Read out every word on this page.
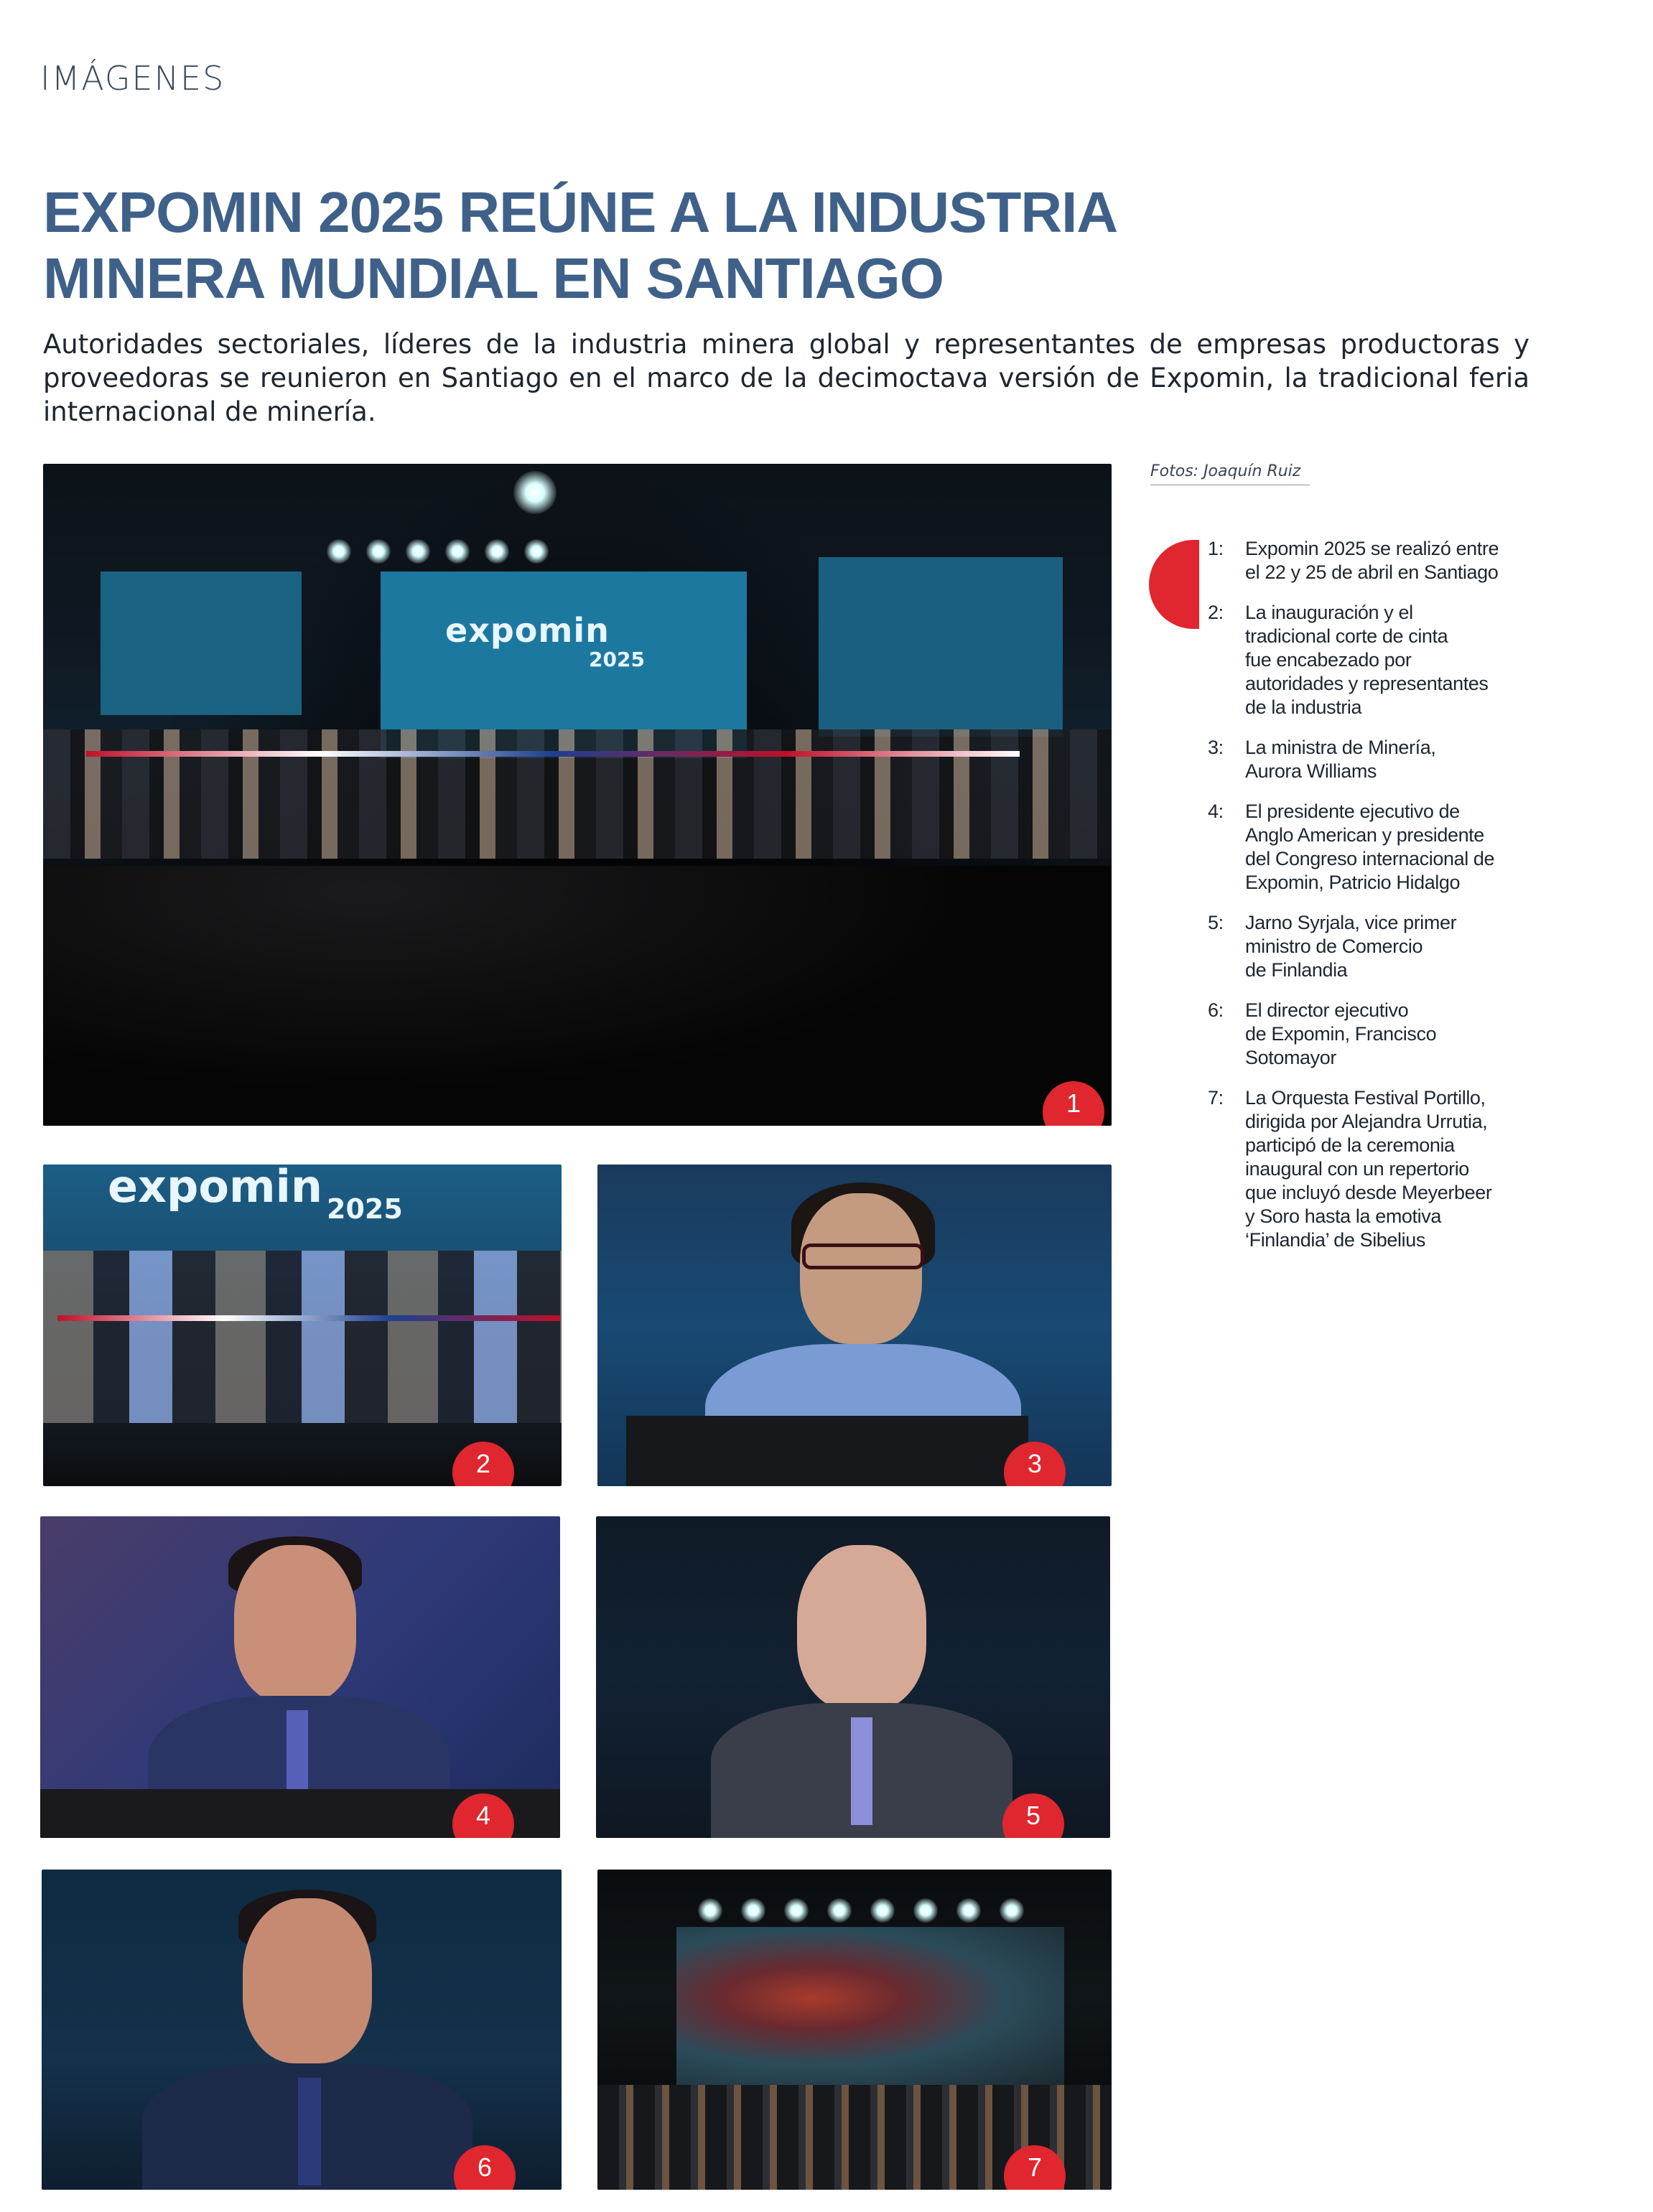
IMÁGENES
EXPOMIN 2025 REÚNE A LA INDUSTRIA
MINERA MUNDIAL EN SANTIAGO

Autoridades sectoriales, líderes de la industria minera global y representantes de empresas productoras y proveedoras se reunieron en Santiago en el marco de la decimoctava versión de Expomin, la tradicional feria internacional de minería.

expomin
2025
1
expomin 2025
2	3
4	5
6	7
Fotos: Joaquín Ruiz
1:	Expomin 2025 se realizó entre
el 22 y 25 de abril en Santiago
2:	La inauguración y el
tradicional corte de cinta
fue encabezado por
autoridades y representantes
de la industria
3:	La ministra de Minería,
Aurora Williams
4:	El presidente ejecutivo de
Anglo American y presidente
del Congreso internacional de
Expomin, Patricio Hidalgo
5:	Jarno Syrjala, vice primer
ministro de Comercio
de Finlandia
6:	El director ejecutivo
de Expomin, Francisco
Sotomayor
7:	La Orquesta Festival Portillo,
dirigida por Alejandra Urrutia,
participó de la ceremonia
inaugural con un repertorio
que incluyó desde Meyerbeer
y Soro hasta la emotiva
‘Finlandia’ de Sibelius
